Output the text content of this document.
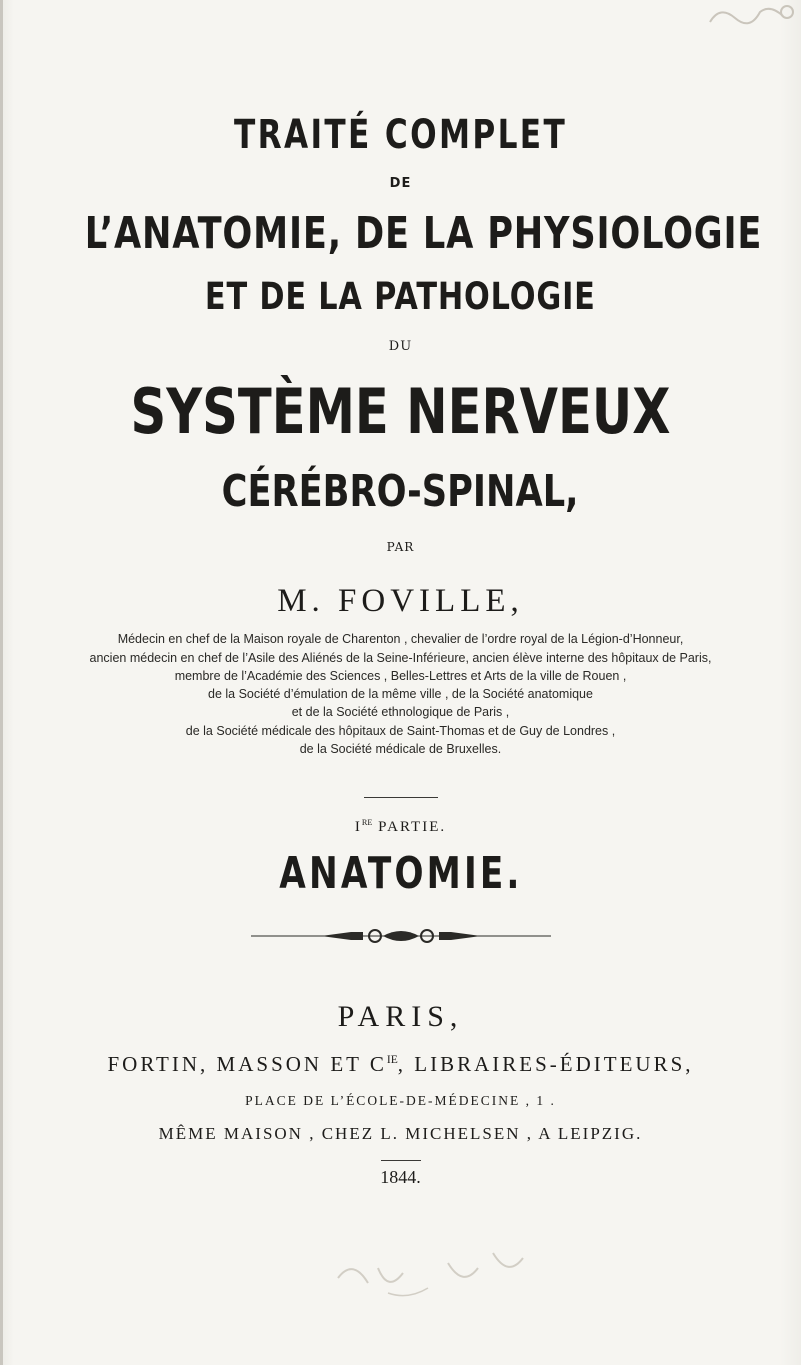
TRAITÉ COMPLET
DE
L’ANATOMIE, DE LA PHYSIOLOGIE
ET DE LA PATHOLOGIE
DU
SYSTÈME NERVEUX
CÉRÉBRO-SPINAL,
PAR
M. FOVILLE,
Médecin en chef de la Maison royale de Charenton , chevalier de l’ordre royal de la Légion-d’Honneur,
ancien médecin en chef de l’Asile des Aliénés de la Seine-Inférieure, ancien élève interne des hôpitaux de Paris,
membre de l’Académie des Sciences , Belles-Lettres et Arts de la ville de Rouen ,
de la Société d’émulation de la même ville , de la Société anatomique
et de la Société ethnologique de Paris ,
de la Société médicale des hôpitaux de Saint-Thomas et de Guy de Londres ,
de la Société médicale de Bruxelles.
IRE PARTIE.
ANATOMIE.
PARIS,
FORTIN, MASSON ET $C^{IE}$, LIBRAIRES-ÉDITEURS,
PLACE DE L’ÉCOLE-DE-MÉDECINE , 1 .
MÊME MAISON , CHEZ L. MICHELSEN , A LEIPZIG.
1844.
